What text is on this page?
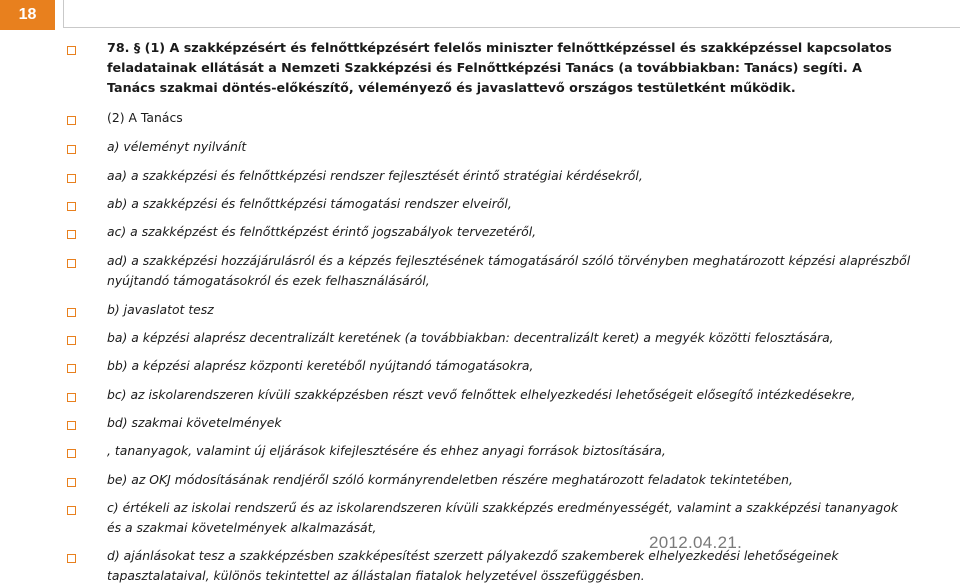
18
78. § (1) A szakképzésért és felnőttképzésért felelős miniszter felnőttképzéssel és szakképzéssel kapcsolatos feladatainak ellátását a Nemzeti Szakképzési és Felnőttképzési Tanács (a továbbiakban: Tanács) segíti. A Tanács szakmai döntés-előkészítő, véleményező és javaslattevő országos testületként működik.
(2) A Tanács
a) véleményt nyilvánít
aa) a szakképzési és felnőttképzési rendszer fejlesztését érintő stratégiai kérdésekről,
ab) a szakképzési és felnőttképzési támogatási rendszer elveiről,
ac) a szakképzést és felnőttképzést érintő jogszabályok tervezetéről,
ad) a szakképzési hozzájárulásról és a képzés fejlesztésének támogatásáról szóló törvényben meghatározott képzési alaprészből nyújtandó támogatásokról és ezek felhasználásáról,
b) javaslatot tesz
ba) a képzési alaprész decentralizált keretének (a továbbiakban: decentralizált keret) a megyék közötti felosztására,
bb) a képzési alaprész központi keretéből nyújtandó támogatásokra,
bc) az iskolarendszeren kívüli szakképzésben részt vevő felnőttek elhelyezkedési lehetőségeit elősegítő intézkedésekre,
bd) szakmai követelmények
, tananyagok, valamint új eljárások kifejlesztésére és ehhez anyagi források biztosítására,
be) az OKJ módosításának rendjéről szóló kormányrendeletben részére meghatározott feladatok tekintetében,
c) értékeli az iskolai rendszerű és az iskolarendszeren kívüli szakképzés eredményességét, valamint a szakképzési tananyagok és a szakmai követelmények alkalmazását,
d) ajánlásokat tesz a szakképzésben szakképesítést szerzett pályakezdő szakemberek elhelyezkedési lehetőségeinek tapasztalataival, különös tekintettel az állástalan fiatalok helyzetével összefüggésben.
2012.04.21.
